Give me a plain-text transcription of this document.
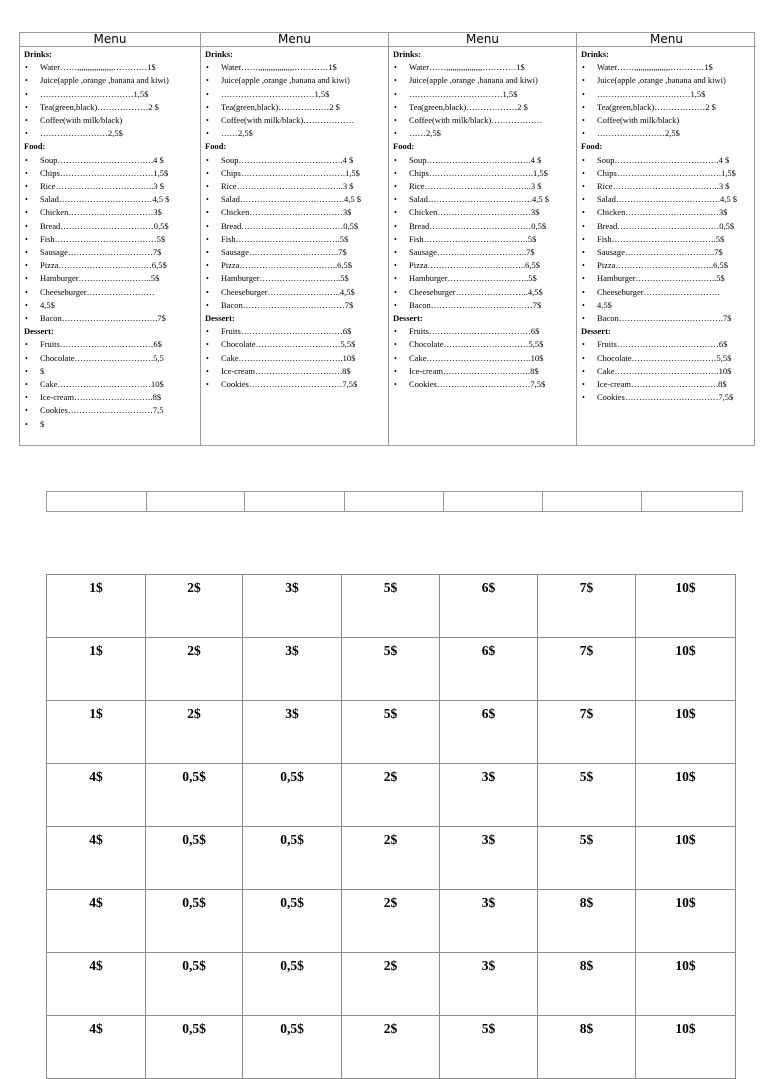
Menu
Drinks :
• Water……,,,,,,,,,,,,,,,,,…………1$
• Juice(apple ,orange ,banana and kiwi)
• ……………………………1,5$
• Tea(green,black)………………2 $
• Coffee(with milk/black)
• ……………………2,5$
Food :
• Soup…………………………….4 $
• Chips……………………………1,5$
• Rice……………………………..3 $
• Salad……………………………4,5 $
• Chicken…………………………3$
• Bread……………………………0,5$
• Fish………………………………5$
• Sausage…………………………7$
• Pizza……………………………6,5$
• Hamburger……………………..5$
• Cheeseburger……………………
• 4,5$
• Bacon…………………………….7$
Dessert :
• Fruits……………………………6$
• Chocolate……………………….5,5
• $
• Cake……………………………10$
• Ice-cream……………………….8$
• Cookies…………………………7,5
• $
Menu
Drinks :
• Water……,,,,,,,,,,,,,,,,,…………1$
• Juice(apple ,orange ,banana and kiwi)
• ……………………………1,5$
• Tea(green,black)………………2 $
• Coffee(with milk/black)………………
• ……2,5$
Food :
• Soup……………………………….4 $
• Chips……………………………….1,5$
• Rice………………………………..3 $
• Salad……………………………….4,5 $
• Chicken……………………………3$
• Bread………………………………0,5$
• Fish……………………………….5$
• Sausage…………………………..7$
• Pizza……………………………..6,5$
• Hamburger………………………..5$
• Cheeseburger……………………..4,5$
• Bacon………………………………7$
Dessert :
• Fruits………………………………6$
• Chocolate…………………………5,5$
• Cake……………………………….10$
• Ice-cream………………………….8$
• Cookies……………………………7,5$
Menu
Drinks :
• Water……,,,,,,,,,,,,,,,,,…………1$
• Juice(apple ,orange ,banana and kiwi)
• ……………………………1,5$
• Tea(green,black)………………2 $
• Coffee(with milk/black)………………
• ……2,5$
Food :
• Soup……………………………….4 $
• Chips……………………………….1,5$
• Rice………………………………..3 $
• Salad……………………………….4,5 $
• Chicken……………………………3$
• Bread………………………………0,5$
• Fish……………………………….5$
• Sausage…………………………..7$
• Pizza……………………………..6,5$
• Hamburger………………………..5$
• Cheeseburger……………………..4,5$
• Bacon………………………………7$
Dessert :
• Fruits………………………………6$
• Chocolate…………………………5,5$
• Cake……………………………….10$
• Ice-cream………………………….8$
• Cookies……………………………7,5$
Menu
Drinks :
• Water……,,,,,,,,,,,,,,,,,…………1$
• Juice(apple ,orange ,banana and kiwi)
• ……………………………1,5$
• Tea(green,black)………………2 $
• Coffee(with milk/black)
• ……………………2,5$
Food :
• Soup……………………………….4 $
• Chips……………………………….1,5$
• Rice………………………………..3 $
• Salad……………………………….4,5 $
• Chicken……………………………3$
• Bread………………………………0,5$
• Fish……………………………….5$
• Sausage…………………………..7$
• Pizza……………………………..6,5$
• Hamburger………………………..5$
• Cheeseburger………………………
• 4,5$
• Bacon……………………………….7$
Dessert :
• Fruits………………………………6$
• Chocolate…………………………5,5$
• Cake……………………………….10$
• Ice-cream………………………….8$
• Cookies……………………………7,5$

1$	2$	3$	5$	6$	7$	10$

1$	2$	3$	5$	6$	7$	10$

1$	2$	3$	5$	6$	7$	10$

4$	0,5$	0,5$	2$	3$	5$	10$

4$	0,5$	0,5$	2$	3$	5$	10$

4$	0,5$	0,5$	2$	3$	8$	10$

4$	0,5$	0,5$	2$	3$	8$	10$

4$	0,5$	0,5$	2$	5$	8$	10$
